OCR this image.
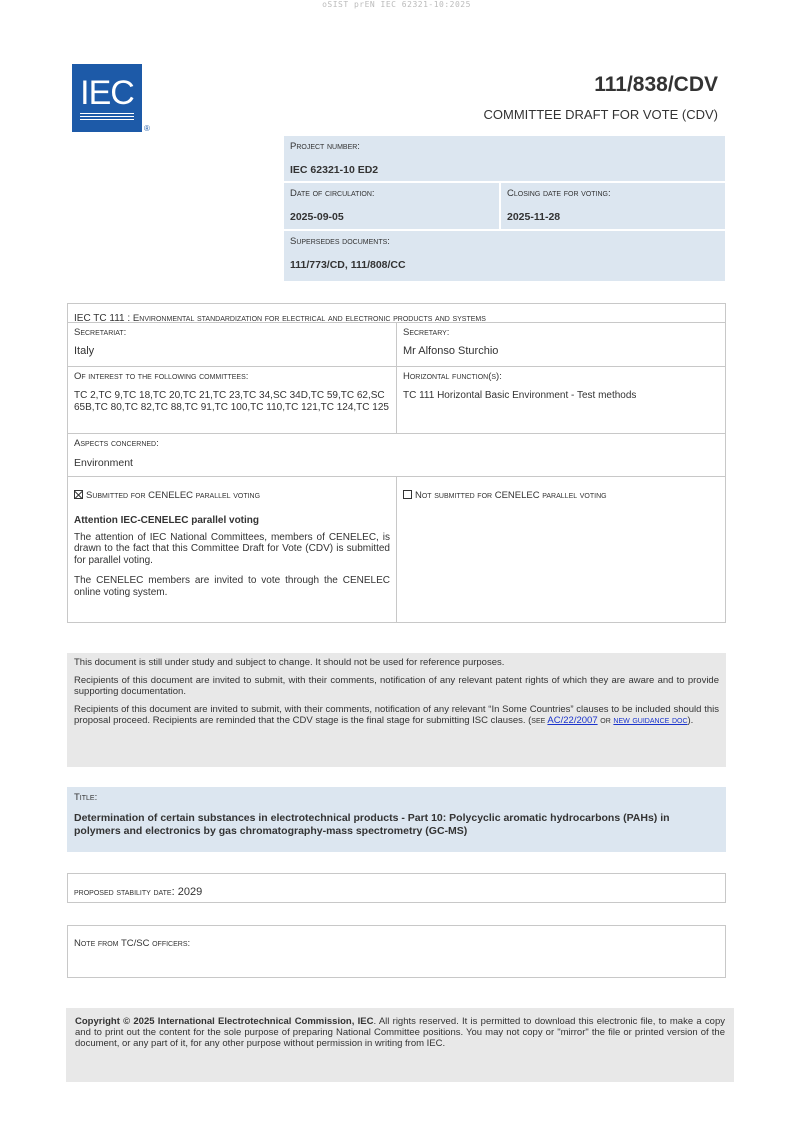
oSIST prEN IEC 62321-10:2025
IEC
®
111/838/CDV
COMMITTEE DRAFT FOR VOTE (CDV)
Project number:
IEC 62321-10 ED2
Date of circulation:
2025-09-05
Closing date for voting:
2025-11-28
Supersedes documents:
111/773/CD, 111/808/CC
IEC TC 111 : Environmental standardization for electrical and electronic products and systems
Secretariat:
Italy
Secretary:
Mr Alfonso Sturchio
Of interest to the following committees:
TC 2,TC 9,TC 18,TC 20,TC 21,TC 23,TC 34,SC 34D,TC 59,TC 62,SC 65B,TC 80,TC 82,TC 88,TC 91,TC 100,TC 110,TC 121,TC 124,TC 125
Horizontal function(s):
TC 111 Horizontal Basic Environment - Test methods
Aspects concerned:
Environment
Submitted for CENELEC parallel voting
Attention IEC-CENELEC parallel voting
The attention of IEC National Committees, members of CENELEC, is drawn to the fact that this Committee Draft for Vote (CDV) is submitted for parallel voting.
The CENELEC members are invited to vote through the CENELEC online voting system.
Not submitted for CENELEC parallel voting

This document is still under study and subject to change. It should not be used for reference purposes.

Recipients of this document are invited to submit, with their comments, notification of any relevant patent rights of which they are aware and to provide supporting documentation.

Recipients of this document are invited to submit, with their comments, notification of any relevant “In Some Countries” clauses to be included should this proposal proceed. Recipients are reminded that the CDV stage is the final stage for submitting ISC clauses. (see AC/22/2007 or new guidance doc).

Title:
Determination of certain substances in electrotechnical products - Part 10: Polycyclic aromatic hydrocarbons (PAHs) in polymers and electronics by gas chromatography-mass spectrometry (GC-MS)
proposed stability date: 2029
Note from TC/SC officers:
Copyright © 2025 International Electrotechnical Commission, IEC. All rights reserved. It is permitted to download this electronic file, to make a copy and to print out the content for the sole purpose of preparing National Committee positions. You may not copy or "mirror" the file or printed version of the document, or any part of it, for any other purpose without permission in writing from IEC.
